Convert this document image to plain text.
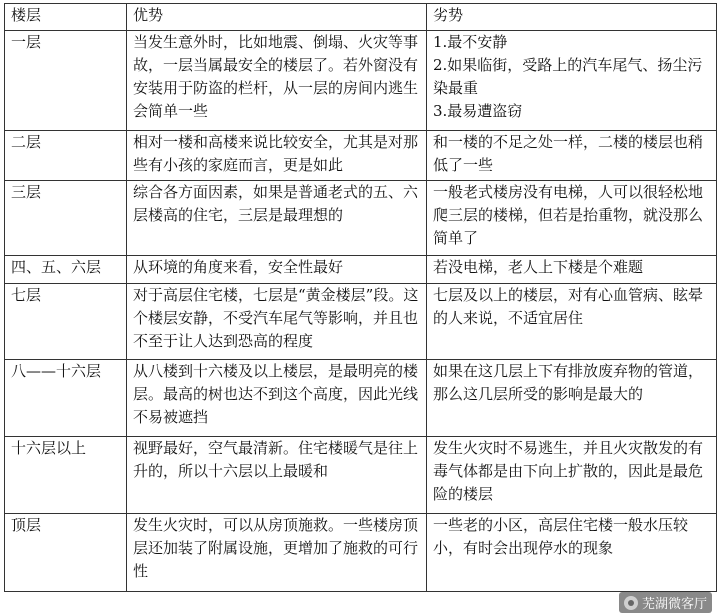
楼层	优势	劣势
一层	当发生意外时，比如地震、倒塌、火灾等事故，一层当属最安全的楼层了。若外窗没有安装用于防盗的栏杆，从一层的房间内逃生会简单一些	1.最不安静
2.如果临街，受路上的汽车尾气、扬尘污染最重
3.最易遭盗窃
二层	相对一楼和高楼来说比较安全，尤其是对那些有小孩的家庭而言，更是如此	和一楼的不足之处一样，二楼的楼层也稍低了一些
三层	综合各方面因素，如果是普通老式的五、六层楼高的住宅，三层是最理想的	一般老式楼房没有电梯，人可以很轻松地爬三层的楼梯，但若是抬重物，就没那么简单了
四、五、六层	从环境的角度来看，安全性最好	若没电梯，老人上下楼是个难题
七层	对于高层住宅楼，七层是“黄金楼层”段。这个楼层安静，不受汽车尾气等影响，并且也不至于让人达到恐高的程度	七层及以上的楼层，对有心血管病、眩晕的人来说，不适宜居住
八——十六层	从八楼到十六楼及以上楼层，是最明亮的楼层。最高的树也达不到这个高度，因此光线不易被遮挡	如果在这几层上下有排放废弃物的管道，那么这几层所受的影响是最大的
十六层以上	视野最好，空气最清新。住宅楼暖气是往上升的，所以十六层以上最暖和	发生火灾时不易逃生，并且火灾散发的有毒气体都是由下向上扩散的，因此是最危险的楼层
顶层	发生火灾时，可以从房顶施救。一些楼房顶层还加装了附属设施，更增加了施救的可行性	一些老的小区，高层住宅楼一般水压较小，有时会出现停水的现象
芜湖微客厅
